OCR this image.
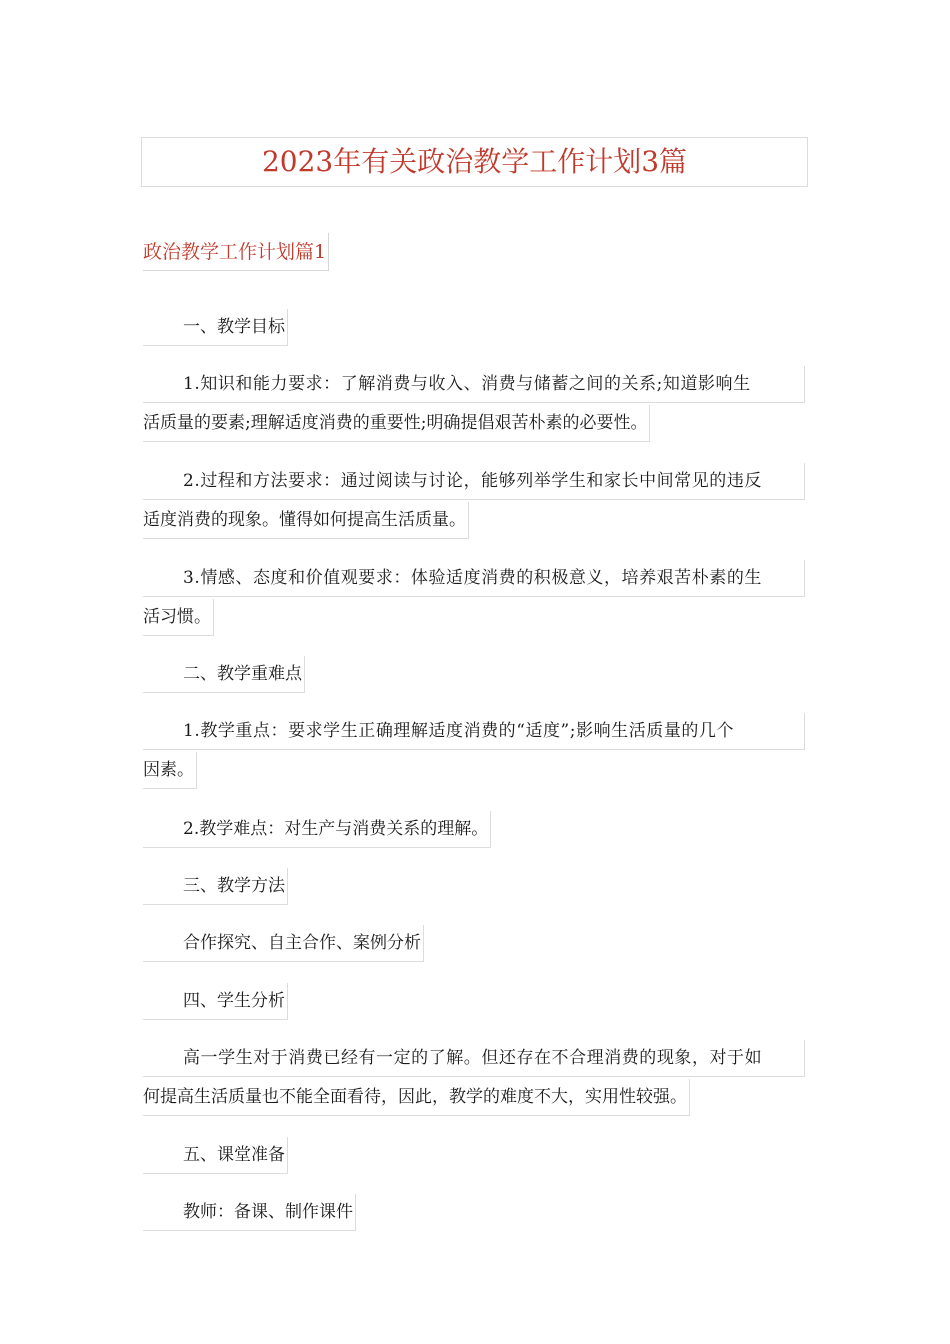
2023年有关政治教学工作计划3篇
政治教学工作计划篇1
一、教学目标
1.知识和能力要求：了解消费与收入、消费与储蓄之间的关系;知道影响生
活质量的要素;理解适度消费的重要性;明确提倡艰苦朴素的必要性。
2.过程和方法要求：通过阅读与讨论，能够列举学生和家长中间常见的违反
适度消费的现象。懂得如何提高生活质量。
3.情感、态度和价值观要求：体验适度消费的积极意义，培养艰苦朴素的生
活习惯。
二、教学重难点
1.教学重点：要求学生正确理解适度消费的“适度”;影响生活质量的几个
因素。
2.教学难点：对生产与消费关系的理解。
三、教学方法
合作探究、自主合作、案例分析
四、学生分析
高一学生对于消费已经有一定的了解。但还存在不合理消费的现象，对于如
何提高生活质量也不能全面看待，因此，教学的难度不大，实用性较强。
五、课堂准备
教师：备课、制作课件
